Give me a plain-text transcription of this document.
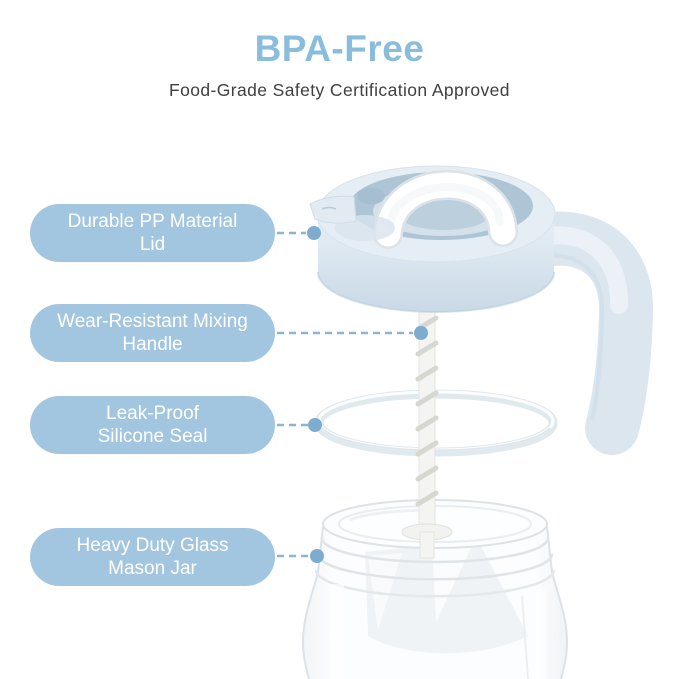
BPA-Free

Food-Grade Safety Certification Approved

Durable PP Material
Lid
Wear-Resistant Mixing
Handle
Leak-Proof
Silicone Seal
Heavy Duty Glass
Mason Jar
